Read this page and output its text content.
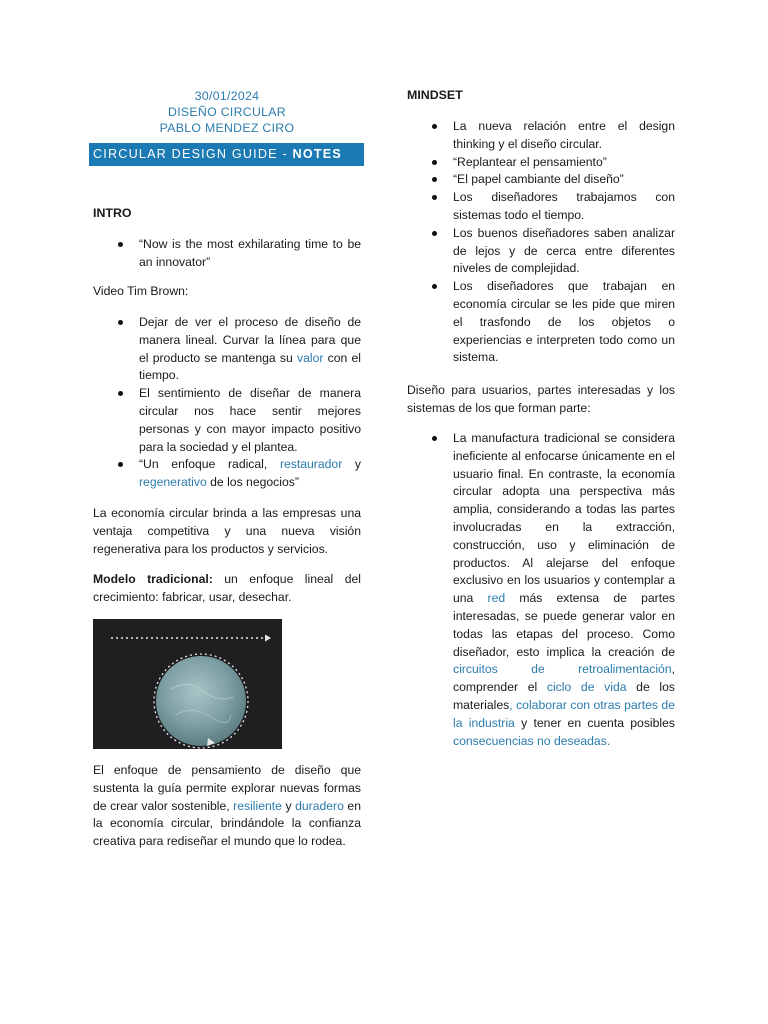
30/01/2024
DISEÑO CIRCULAR
PABLO MENDEZ CIRO
CIRCULAR DESIGN GUIDE - NOTES
INTRO
“Now is the most exhilarating time to be an innovator”

Video Tim Brown:

Dejar de ver el proceso de diseño de manera lineal. Curvar la línea para que el producto se mantenga su valor con el tiempo.
El sentimiento de diseñar de manera circular nos hace sentir mejores personas y con mayor impacto positivo para la sociedad y el plantea.
“Un enfoque radical, restaurador y regenerativo de los negocios”

La economía circular brinda a las empresas una ventaja competitiva y una nueva visión regenerativa para los productos y servicios.

Modelo tradicional: un enfoque lineal del crecimiento: fabricar, usar, desechar.

El enfoque de pensamiento de diseño que sustenta la guía permite explorar nuevas formas de crear valor sostenible, resiliente y duradero en la economía circular, brindándole la confianza creativa para rediseñar el mundo que lo rodea.

MINDSET
La nueva relación entre el design thinking y el diseño circular.
“Replantear el pensamiento”
“El papel cambiante del diseño”
Los diseñadores trabajamos con sistemas todo el tiempo.
Los buenos diseñadores saben analizar de lejos y de cerca entre diferentes niveles de complejidad.
Los diseñadores que trabajan en economía circular se les pide que miren el trasfondo de los objetos o experiencias e interpreten todo como un sistema.

Diseño para usuarios, partes interesadas y los sistemas de los que forman parte:

La manufactura tradicional se considera ineficiente al enfocarse únicamente en el usuario final. En contraste, la economía circular adopta una perspectiva más amplia, considerando a todas las partes involucradas en la extracción, construcción, uso y eliminación de productos. Al alejarse del enfoque exclusivo en los usuarios y contemplar a una red más extensa de partes interesadas, se puede generar valor en todas las etapas del proceso. Como diseñador, esto implica la creación de circuitos de retroalimentación, comprender el ciclo de vida de los materiales, colaborar con otras partes de la industria y tener en cuenta posibles consecuencias no deseadas.
